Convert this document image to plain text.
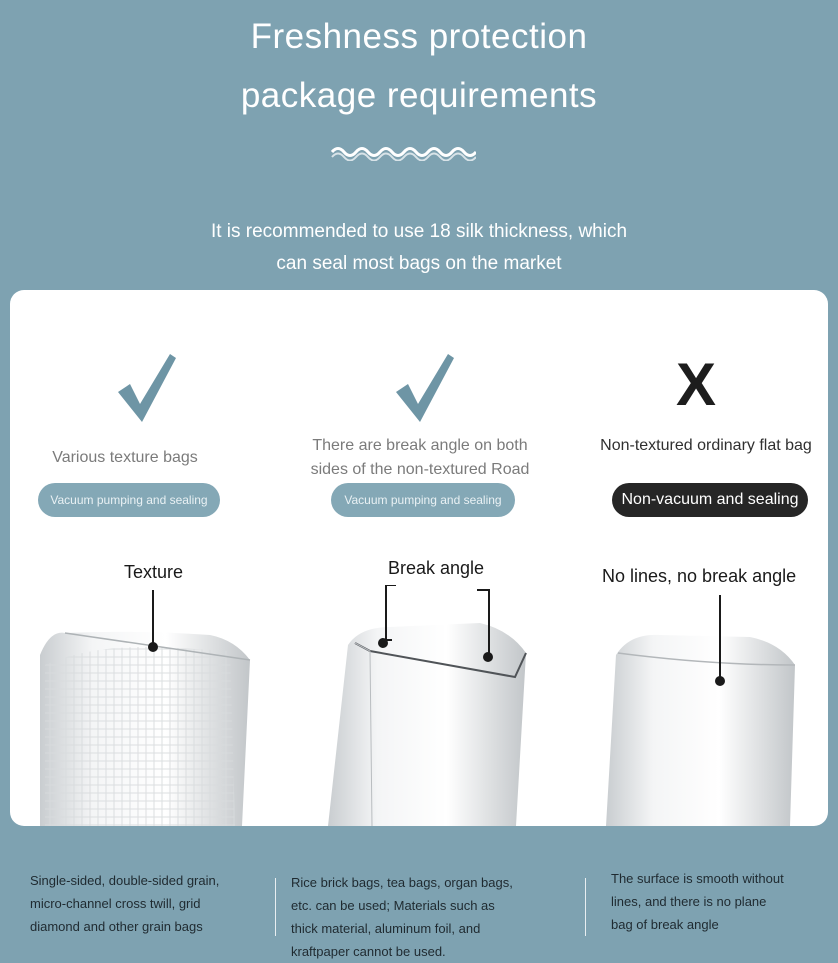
Freshness protection
package requirements
It is recommended to use 18 silk thickness, which
can seal most bags on the market
Various texture bags
Vacuum pumping and sealing
Texture
There are break angle on both
sides of the non-textured Road
Vacuum pumping and sealing
Break angle
X
Non-textured ordinary flat bag
Non-vacuum and sealing
No lines, no break angle
Single-sided, double-sided grain,
micro-channel cross twill, grid
diamond and other grain bags
Rice brick bags, tea bags, organ bags,
etc. can be used; Materials such as
thick material, aluminum foil, and
kraftpaper cannot be used.
The surface is smooth without
lines, and there is no plane
bag of break angle
